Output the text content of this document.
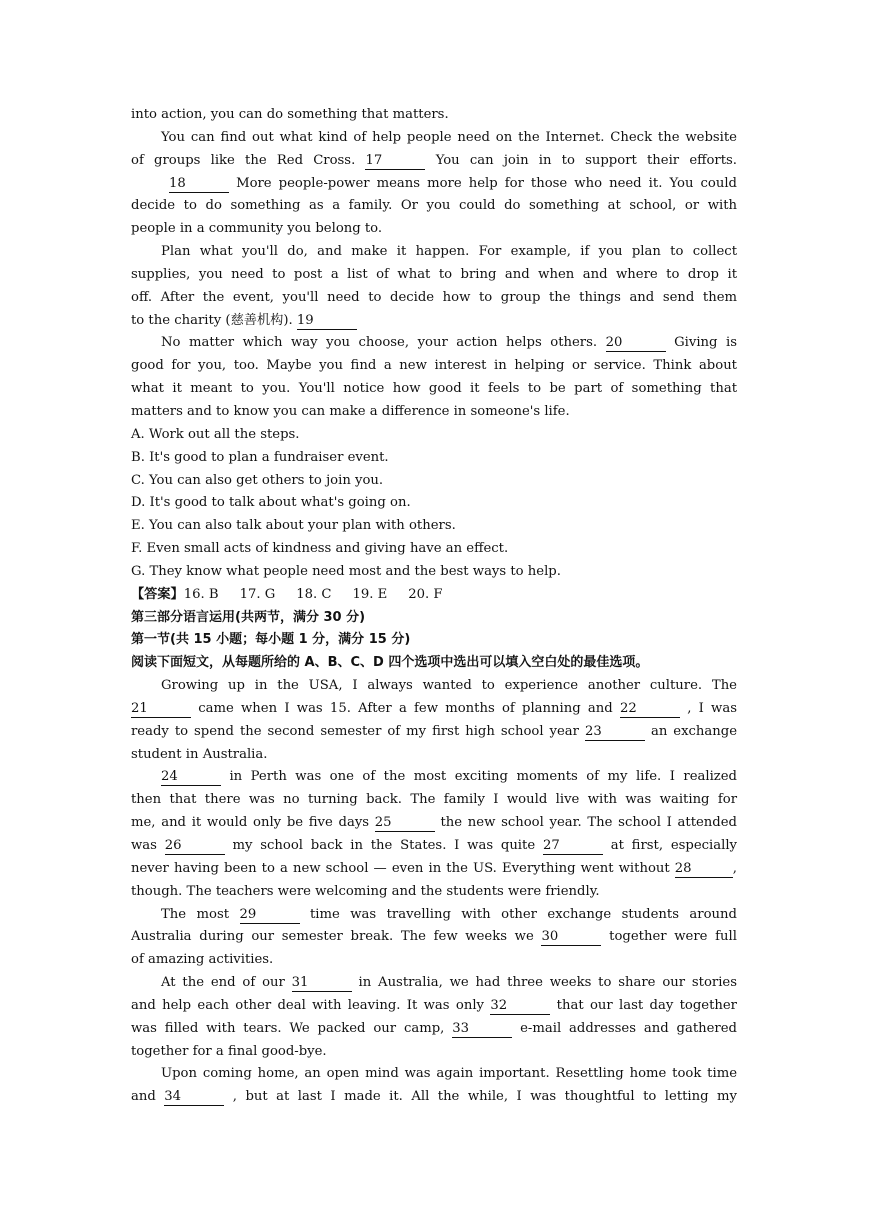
into action, you can do something that matters.
You can find out what kind of help people need on the Internet. Check the website
of groups like the Red Cross. 17	You can join in to support their efforts.
18	More people-power means more help for those who need it. You could
decide to do something as a family. Or you could do something at school, or with
people in a community you belong to.
Plan what you'll do, and make it happen. For example, if you plan to collect
supplies, you need to post a list of what to bring and when and where to drop it
off. After the event, you'll need to decide how to group the things and send them
to the charity (慈善机构). 19
No matter which way you choose, your action helps others. 20	Giving is
good for you, too. Maybe you find a new interest in helping or service. Think about
what it meant to you. You'll notice how good it feels to be part of something that
matters and to know you can make a difference in someone's life.
A. Work out all the steps.
B. It's good to plan a fundraiser event.
C. You can also get others to join you.
D. It's good to talk about what's going on.
E. You can also talk about your plan with others.
F. Even small acts of kindness and giving have an effect.
G. They know what people need most and the best ways to help.
【答案】16. B     17. G     18. C     19. E     20. F
第三部分语言运用(共两节，满分 30 分)
第一节(共 15 小题；每小题 1 分，满分 15 分)
阅读下面短文，从每题所给的 A、B、C、D 四个选项中选出可以填入空白处的最佳选项。
Growing up in the USA, I always wanted to experience another culture. The
21	came when I was 15. After a few months of planning and 22	, I was
ready to spend the second semester of my first high school year 23	an exchange
student in Australia.
24	in Perth was one of the most exciting moments of my life. I realized
then that there was no turning back. The family I would live with was waiting for
me, and it would only be five days 25	the new school year. The school I attended
was 26	my school back in the States. I was quite 27	at first, especially
never having been to a new school — even in the US. Everything went without 28	,
though. The teachers were welcoming and the students were friendly.
The most 29	time was travelling with other exchange students around
Australia during our semester break. The few weeks we 30	together were full
of amazing activities.
At the end of our 31	in Australia, we had three weeks to share our stories
and help each other deal with leaving. It was only 32	that our last day together
was filled with tears. We packed our camp, 33	e-mail addresses and gathered
together for a final good-bye.
Upon coming home, an open mind was again important. Resettling home took time
and 34	, but at last I made it. All the while, I was thoughtful to letting my
